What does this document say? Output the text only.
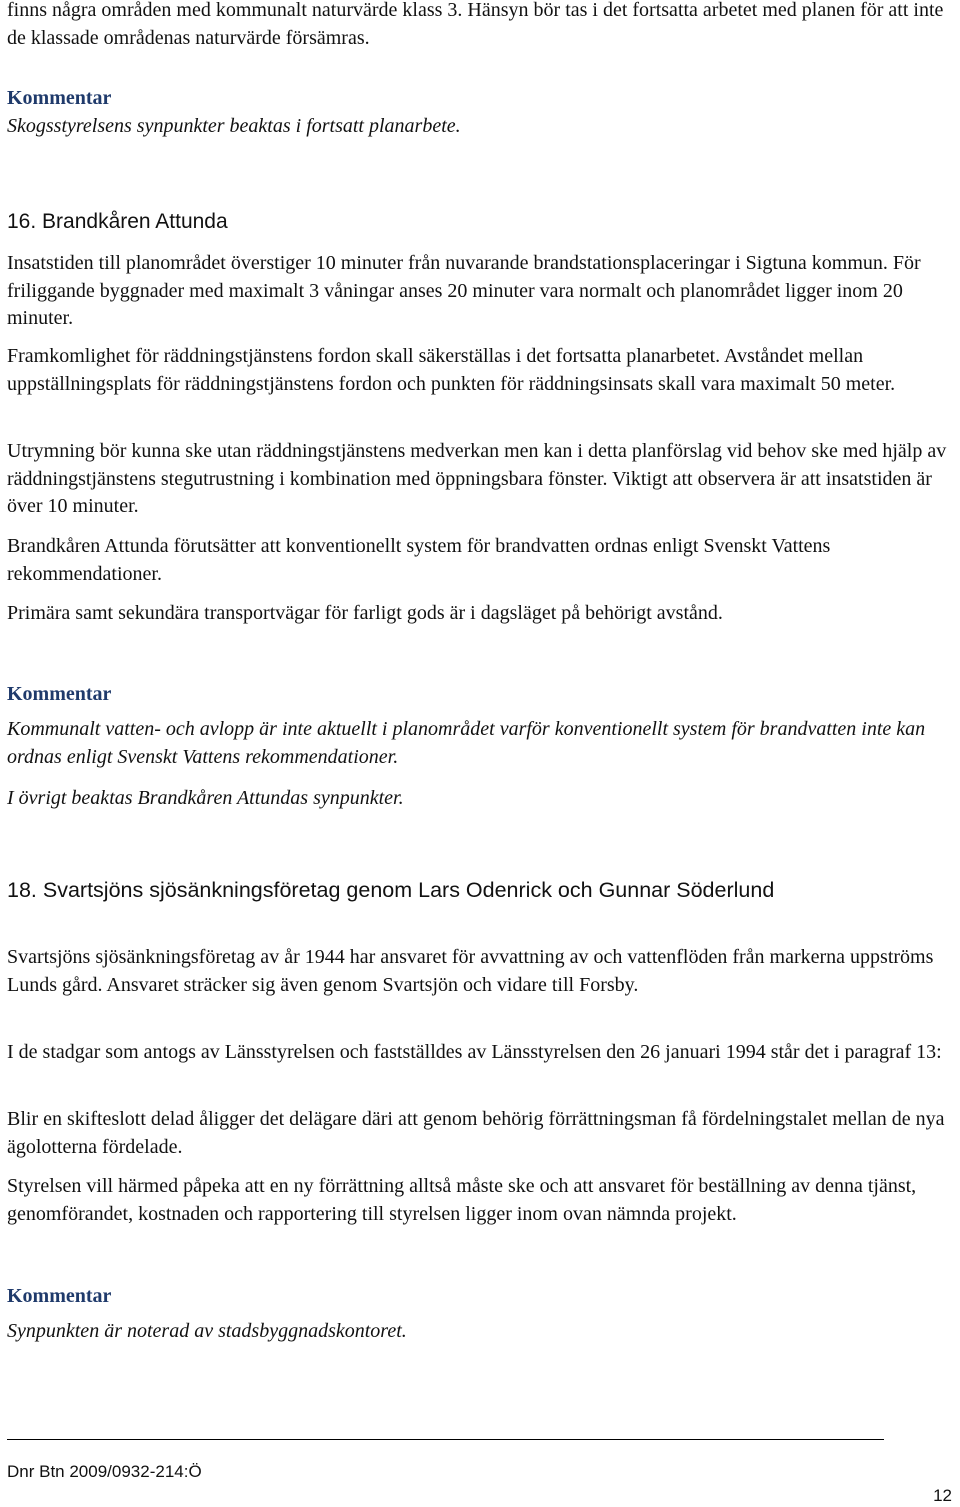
finns några områden med kommunalt naturvärde klass 3. Hänsyn bör tas i det fortsatta arbetet med planen för att inte de klassade områdenas naturvärde försämras.

Kommentar

Skogsstyrelsens synpunkter beaktas i fortsatt planarbete.

16. Brandkåren Attunda

Insatstiden till planområdet överstiger 10 minuter från nuvarande brandstationsplaceringar i Sigtuna kommun. För friliggande byggnader med maximalt 3 våningar anses 20 minuter vara normalt och planområdet ligger inom 20 minuter.

Framkomlighet för räddningstjänstens fordon skall säkerställas i det fortsatta planarbetet. Avståndet mellan uppställningsplats för räddningstjänstens fordon och punkten för räddningsinsats skall vara maximalt 50 meter.

Utrymning bör kunna ske utan räddningstjänstens medverkan men kan i detta planförslag vid behov ske med hjälp av räddningstjänstens stegutrustning i kombination med öppningsbara fönster. Viktigt att observera är att insatstiden är över 10 minuter.

Brandkåren Attunda förutsätter att konventionellt system för brandvatten ordnas enligt Svenskt Vattens rekommendationer.

Primära samt sekundära transportvägar för farligt gods är i dagsläget på behörigt avstånd.

Kommentar

Kommunalt vatten- och avlopp är inte aktuellt i planområdet varför konventionellt system för brandvatten inte kan ordnas enligt Svenskt Vattens rekommendationer.

I övrigt beaktas Brandkåren Attundas synpunkter.

18. Svartsjöns sjösänkningsföretag genom Lars Odenrick och Gunnar Söderlund

Svartsjöns sjösänkningsföretag av år 1944 har ansvaret för avvattning av och vattenflöden från markerna uppströms Lunds gård. Ansvaret sträcker sig även genom Svartsjön och vidare till Forsby.

I de stadgar som antogs av Länsstyrelsen och fastställdes av Länsstyrelsen den 26 januari 1994 står det i paragraf 13:

Blir en skifteslott delad åligger det delägare däri att genom behörig förrättningsman få fördelningstalet mellan de nya ägolotterna fördelade.

Styrelsen vill härmed påpeka att en ny förrättning alltså måste ske och att ansvaret för beställning av denna tjänst, genomförandet, kostnaden och rapportering till styrelsen ligger inom ovan nämnda projekt.

Kommentar

Synpunkten är noterad av stadsbyggnadskontoret.

Dnr Btn 2009/0932-214:Ö

12
